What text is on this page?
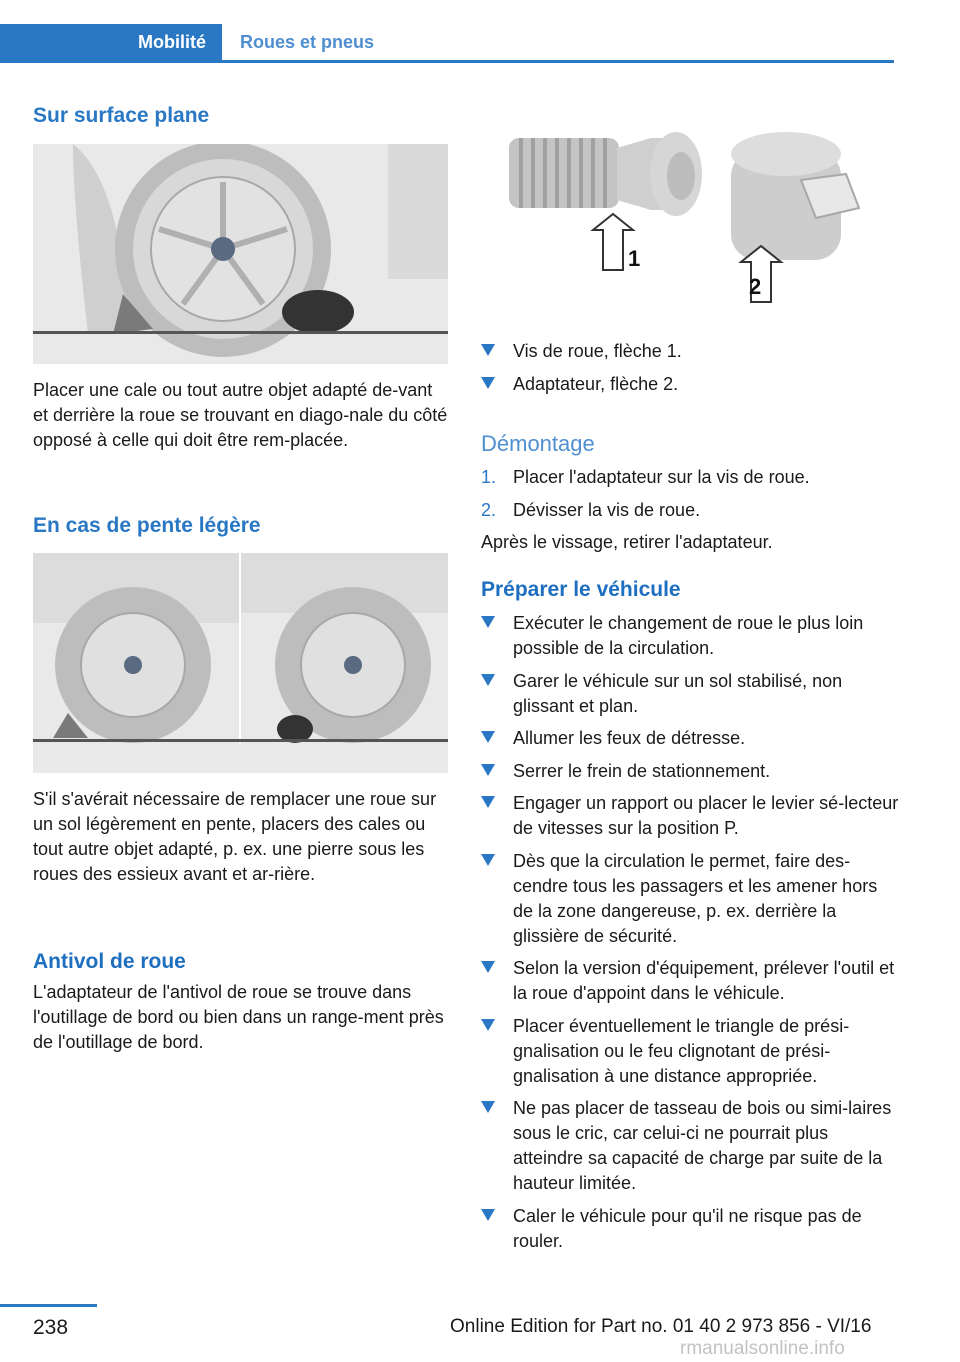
Mobilité	Roues et pneus
Sur surface plane

Placer une cale ou tout autre objet adapté de-vant et derrière la roue se trouvant en diago-nale du côté opposé à celle qui doit être rem-placée.

En cas de pente légère

S'il s'avérait nécessaire de remplacer une roue sur un sol légèrement en pente, placers des cales ou tout autre objet adapté, p. ex. une pierre sous les roues des essieux avant et ar-rière.

Antivol de roue

L'adaptateur de l'antivol de roue se trouve dans l'outillage de bord ou bien dans un range-ment près de l'outillage de bord.

1
2
Vis de roue, flèche 1.
Adaptateur, flèche 2.
Démontage
1. Placer l'adaptateur sur la vis de roue.
2. Dévisser la vis de roue.

Après le vissage, retirer l'adaptateur.

Préparer le véhicule
Exécuter le changement de roue le plus loin possible de la circulation.
Garer le véhicule sur un sol stabilisé, non glissant et plan.
Allumer les feux de détresse.
Serrer le frein de stationnement.
Engager un rapport ou placer le levier sé-lecteur de vitesses sur la position P.
Dès que la circulation le permet, faire des-cendre tous les passagers et les amener hors de la zone dangereuse, p. ex. derrière la glissière de sécurité.
Selon la version d'équipement, prélever l'outil et la roue d'appoint dans le véhicule.
Placer éventuellement le triangle de prési-gnalisation ou le feu clignotant de prési-gnalisation à une distance appropriée.
Ne pas placer de tasseau de bois ou simi-laires sous le cric, car celui-ci ne pourrait plus atteindre sa capacité de charge par suite de la hauteur limitée.
Caler le véhicule pour qu'il ne risque pas de rouler.
238	Online Edition for Part no. 01 40 2 973 856 - VI/16
rmanualsonline.info
